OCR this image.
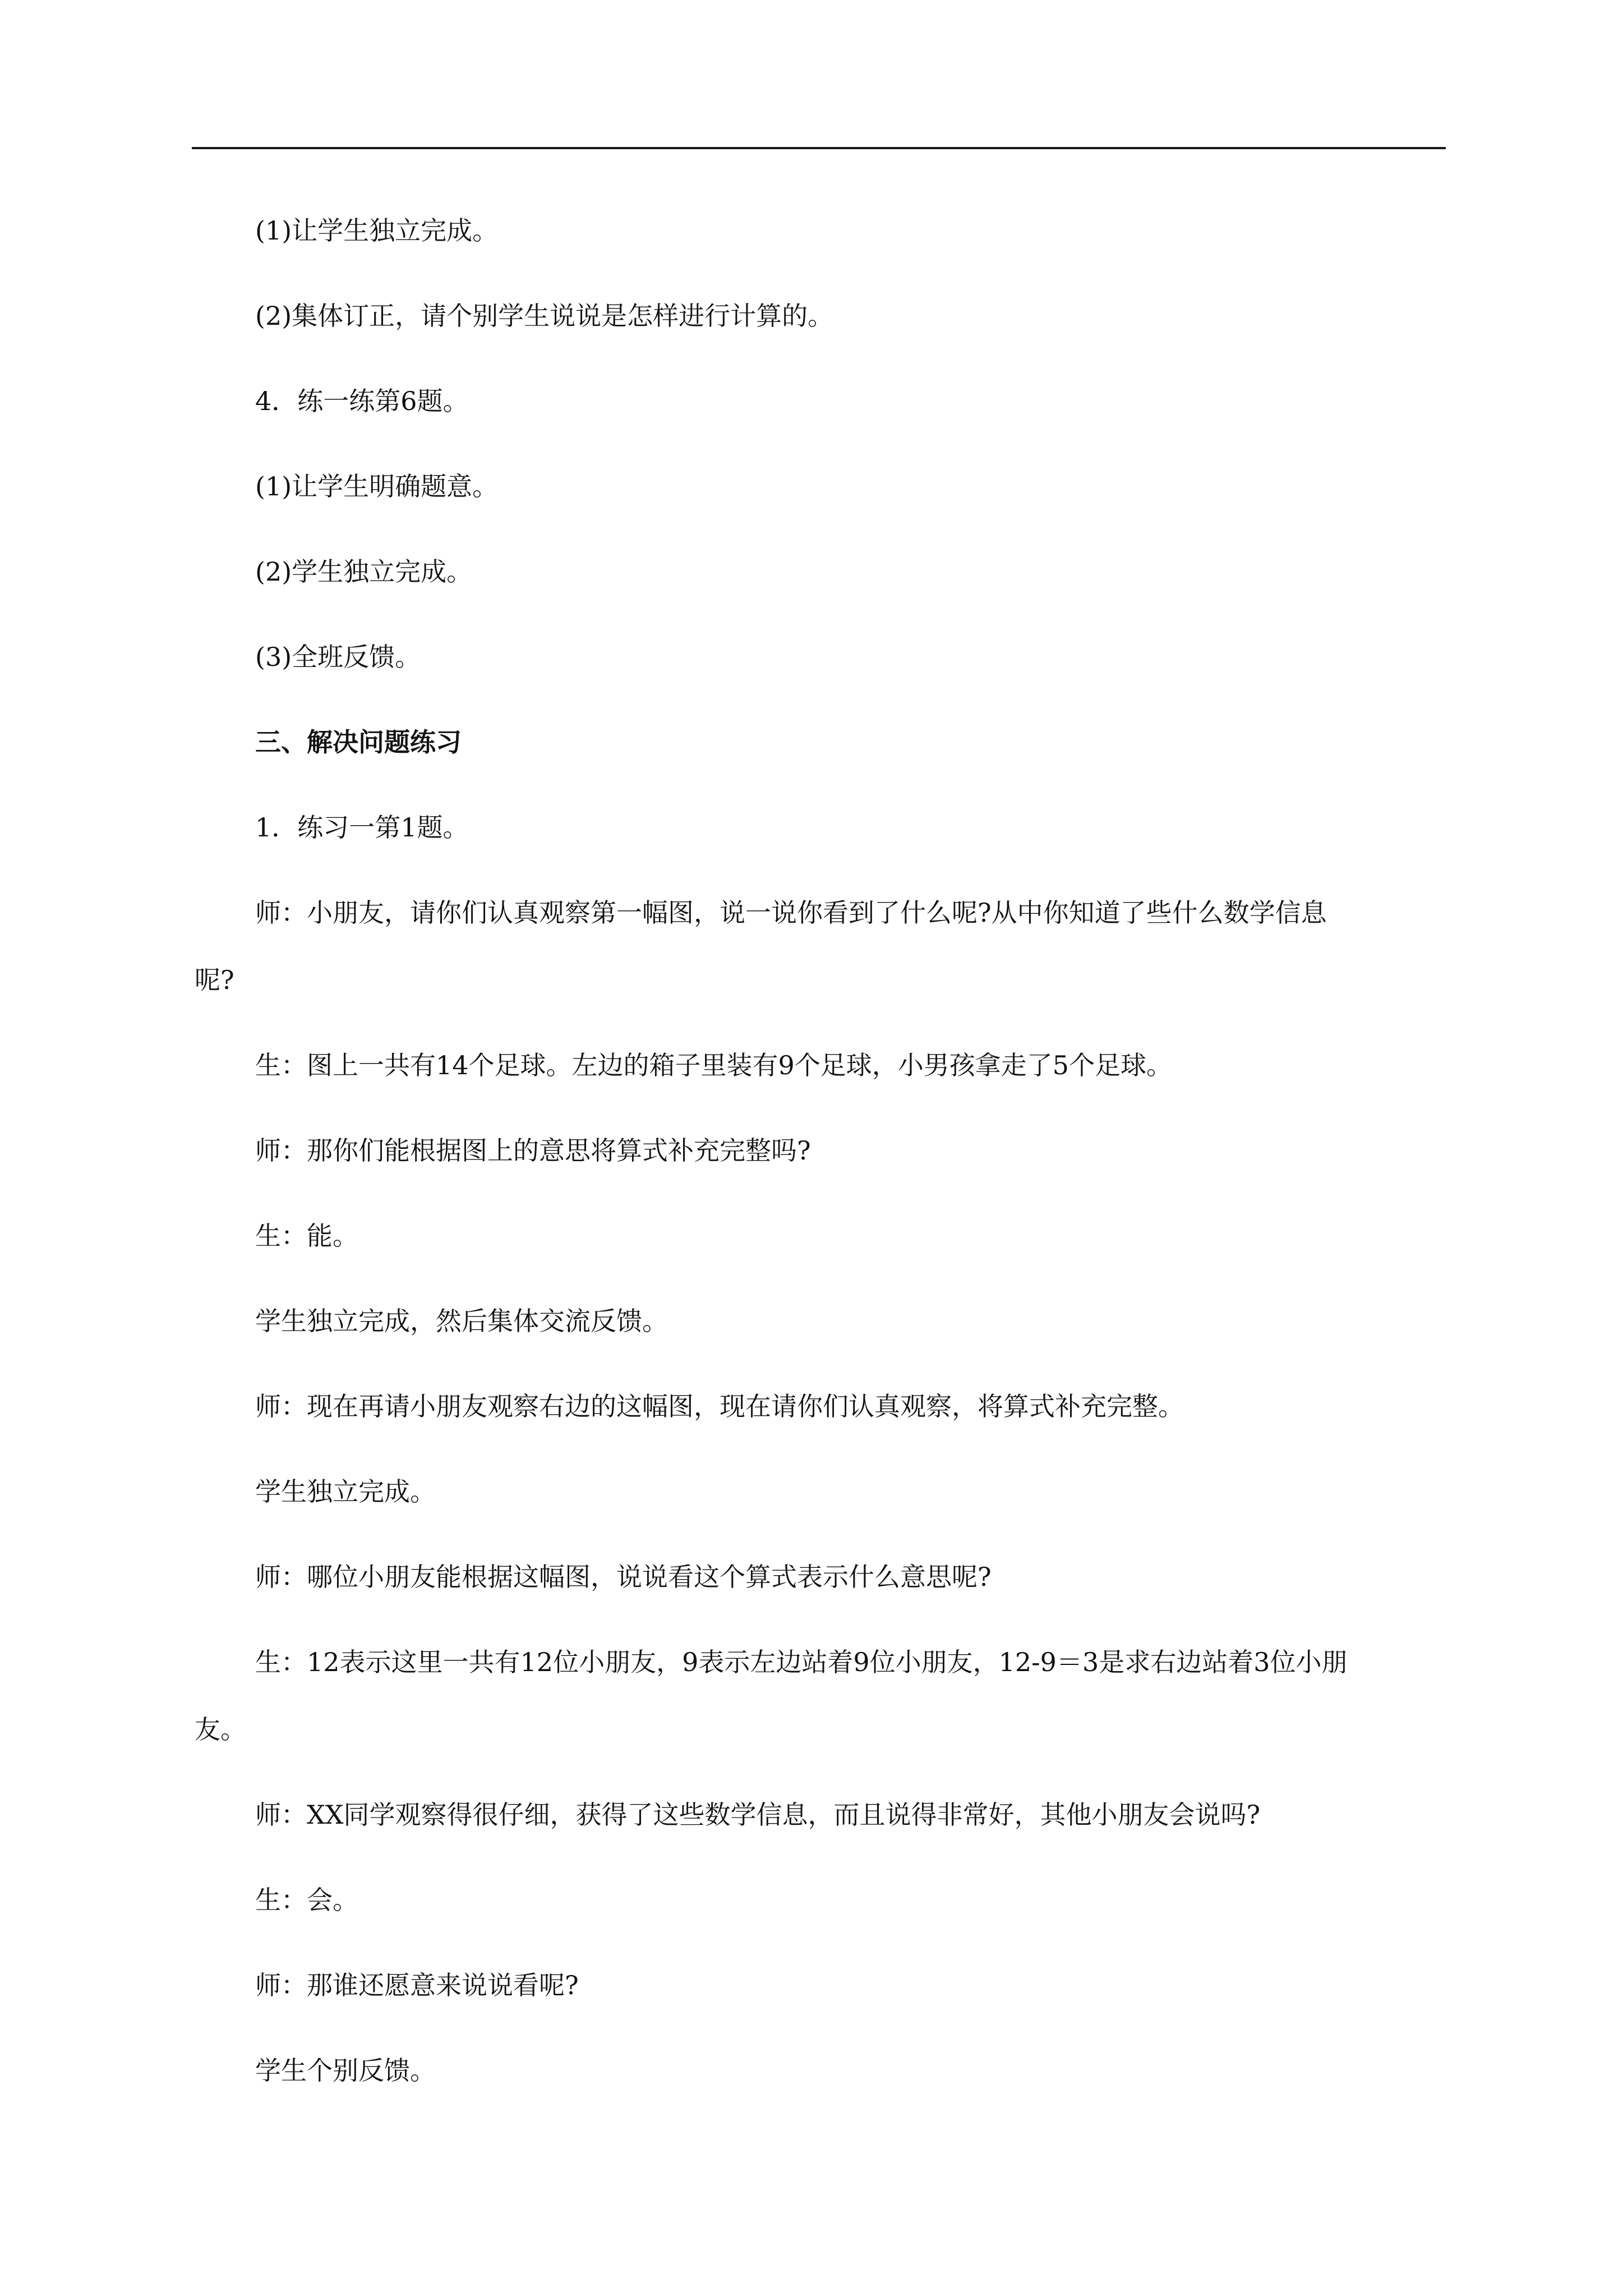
(1)让学生独立完成。

(2)集体订正，请个别学生说说是怎样进行计算的。

4．练一练第6题。

(1)让学生明确题意。

(2)学生独立完成。

(3)全班反馈。

三、解决问题练习

1．练习一第1题。

师：小朋友，请你们认真观察第一幅图，说一说你看到了什么呢?从中你知道了些什么数学信息
呢?

生：图上一共有14个足球。左边的箱子里装有9个足球，小男孩拿走了5个足球。

师：那你们能根据图上的意思将算式补充完整吗?

生：能。

学生独立完成，然后集体交流反馈。

师：现在再请小朋友观察右边的这幅图，现在请你们认真观察，将算式补充完整。

学生独立完成。

师：哪位小朋友能根据这幅图，说说看这个算式表示什么意思呢?

生：12表示这里一共有12位小朋友，9表示左边站着9位小朋友，12-9＝3是求右边站着3位小朋
友。

师：XX同学观察得很仔细，获得了这些数学信息，而且说得非常好，其他小朋友会说吗?

生：会。

师：那谁还愿意来说说看呢?

学生个别反馈。
